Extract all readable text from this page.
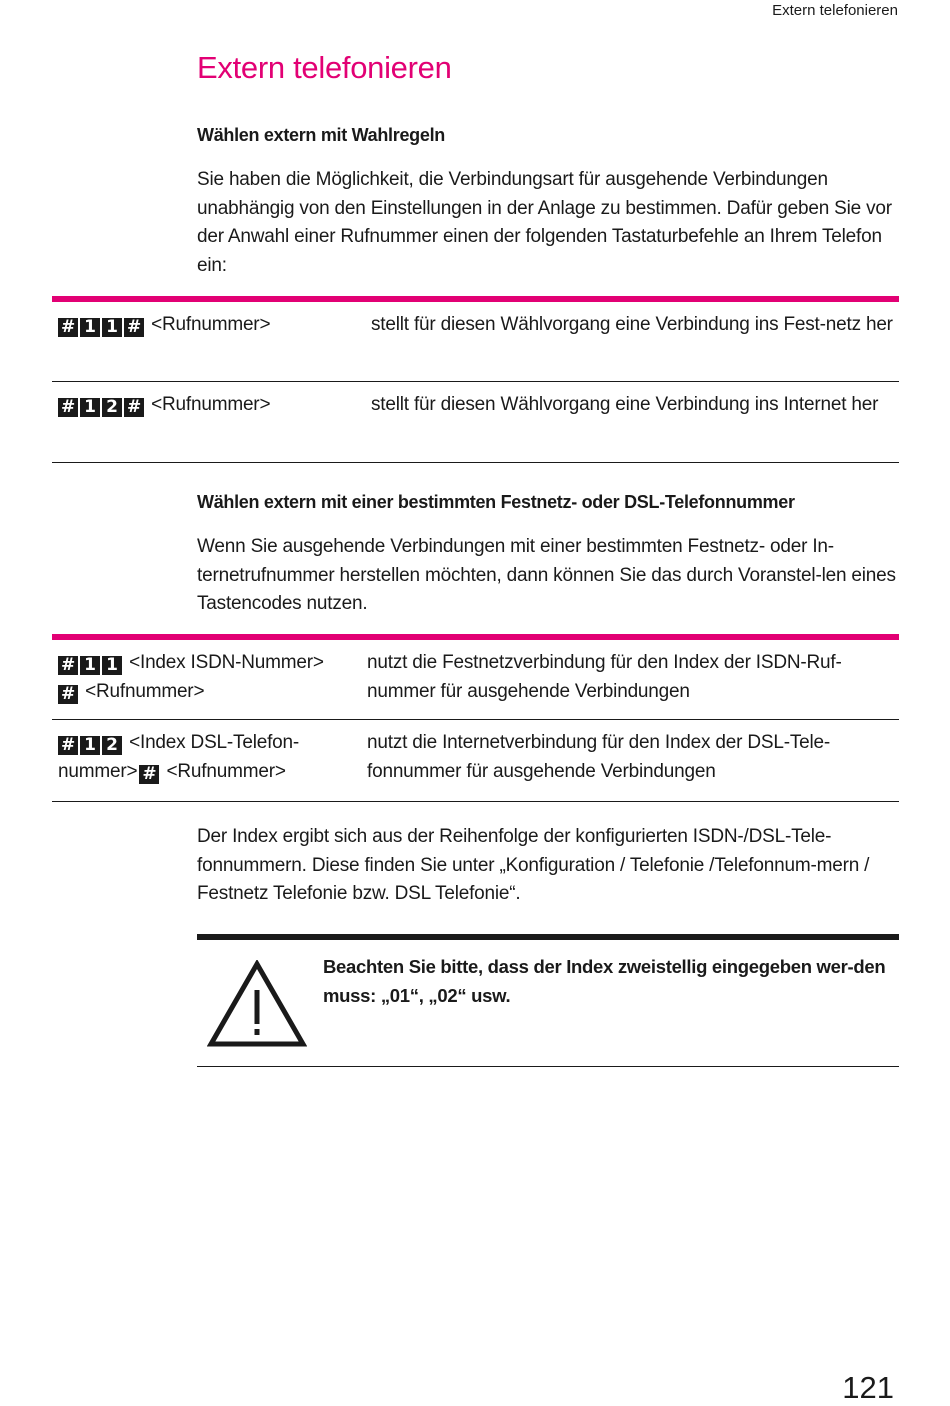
Extern telefonieren
Extern telefonieren
Wählen extern mit Wahlregeln

Sie haben die Möglichkeit, die Verbindungsart für ausgehende Verbindungen unabhängig von den Einstellungen in der Anlage zu bestimmen. Dafür geben Sie vor der Anwahl einer Rufnummer einen der folgenden Tastaturbefehle an Ihrem Telefon ein:

# 1 1 # <Rufnummer>	stellt für diesen Wählvorgang eine Verbindung ins Fest-netz her
# 1 2 # <Rufnummer>	stellt für diesen Wählvorgang eine Verbindung ins Internet her
Wählen extern mit einer bestimmten Festnetz- oder DSL-Telefonnummer

Wenn Sie ausgehende Verbindungen mit einer bestimmten Festnetz- oder In-ternetrufnummer herstellen möchten, dann können Sie das durch Voranstel-len eines Tastencodes nutzen.

# 1 1 <Index ISDN-Nummer>
# <Rufnummer>
nutzt die Festnetzverbindung für den Index der ISDN-Ruf-nummer für ausgehende Verbindungen
# 1 2 <Index DSL-Telefon-nummer> # <Rufnummer>
nutzt die Internetverbindung für den Index der DSL-Tele-fonnummer für ausgehende Verbindungen

Der Index ergibt sich aus der Reihenfolge der konfigurierten ISDN-/DSL-Tele-fonnummern. Diese finden Sie unter „Konfiguration / Telefonie /Telefonnum-mern / Festnetz Telefonie bzw. DSL Telefonie“.

Beachten Sie bitte, dass der Index zweistellig eingegeben wer-den muss: „01“, „02“ usw.

121
